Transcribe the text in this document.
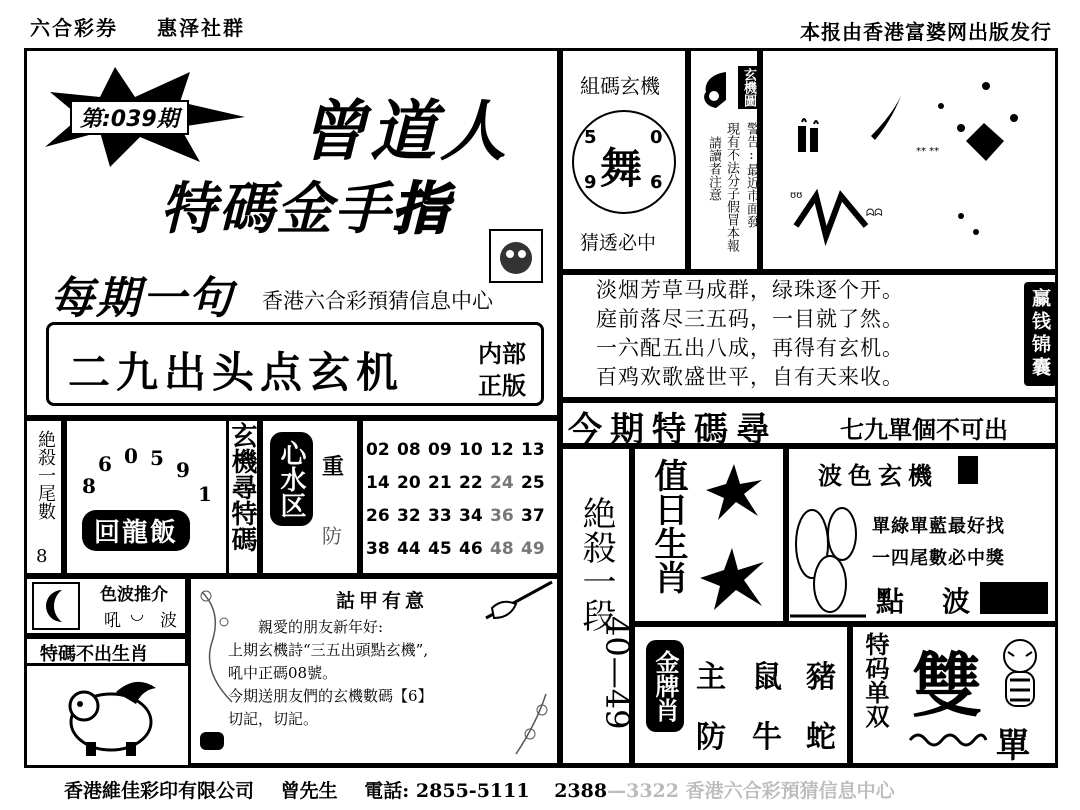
六合彩券 惠泽社群	本报由香港富婆网出版发行
第:039期 曾道人
特碼金手指
每期一句 香港六合彩預猜信息中心
二九出头点玄机	内部
正版
組碼玄機
舞
5	0
9	6
猜透必中
玄機圖
警告:最近市面發
現有不法分子假冒本報
請讀者注意	** **
ʊʊ
ᗣᗣ
淡烟芳草马成群，绿珠逐个开。
庭前落尽三五码，一目就了然。
一六配五出八成，再得有玄机。
百鸡欢歌盛世平，自有天来收。	赢钱锦囊
今期特碼尋	七九單個不可出
絶殺一尾數
8
8
6 0 5 9
1
回龍飯	玄機尋特碼 心水区 重
防
02 08 09 10 12 13
14 20 21 22 24 25
26 32 33 34 36 37
38 44 45 46 48 49
色波推介
吼 ◡ 波
特碼不出生肖
詁甲有意
親愛的朋友新年好:
上期玄機詩“三五出頭點玄機”,
吼中正碼08號。
今期送朋友們的玄機數碼【6】
切記，切記。
絶殺一段
40—49
值日生肖	波色玄機
單綠單藍最好找
一四尾數必中獎
點 波
金牌肖 主 鼠 豬
防 牛 蛇
特码单双 雙
單
香港維佳彩印有限公司 曾先生 電話: 2855-5111 2388—3322 香港六合彩預猜信息中心
